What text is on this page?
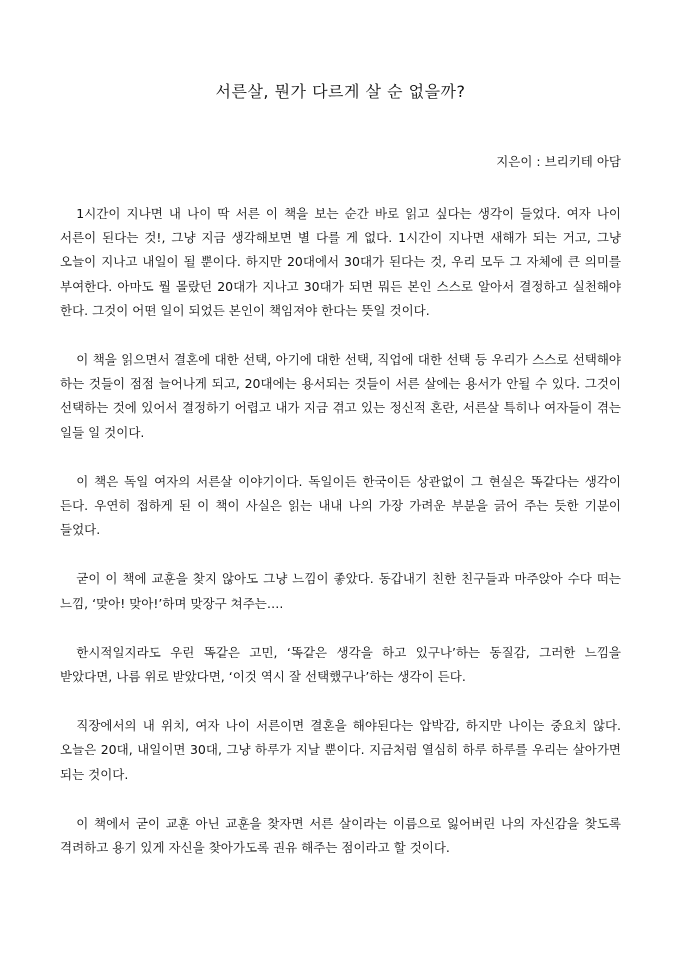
서른살, 뭔가 다르게 살 순 없을까?
지은이 : 브리키테 아담

1시간이 지나면 내 나이 딱 서른 이 책을 보는 순간 바로 읽고 싶다는 생각이 들었다. 여자 나이 서른이 된다는 것!, 그냥 지금 생각해보면 별 다를 게 없다. 1시간이 지나면 새해가 되는 거고, 그냥 오늘이 지나고 내일이 될 뿐이다. 하지만 20대에서 30대가 된다는 것, 우리 모두 그 자체에 큰 의미를 부여한다. 아마도 뭘 몰랐던 20대가 지나고 30대가 되면 뭐든 본인 스스로 알아서 결정하고 실천해야 한다. 그것이 어떤 일이 되었든 본인이 책임져야 한다는 뜻일 것이다.

이 책을 읽으면서 결혼에 대한 선택, 아기에 대한 선택, 직업에 대한 선택 등 우리가 스스로 선택해야 하는 것들이 점점 늘어나게 되고, 20대에는 용서되는 것들이 서른 살에는 용서가 안될 수 있다. 그것이 선택하는 것에 있어서 결정하기 어렵고 내가 지금 겪고 있는 정신적 혼란, 서른살 특히나 여자들이 겪는 일들 일 것이다.

이 책은 독일 여자의 서른살 이야기이다. 독일이든 한국이든 상관없이 그 현실은 똑같다는 생각이 든다. 우연히 접하게 된 이 책이 사실은 읽는 내내 나의 가장 가려운 부분을 긁어 주는 듯한 기분이 들었다.

굳이 이 책에 교훈을 찾지 않아도 그냥 느낌이 좋았다. 동갑내기 친한 친구들과 마주앉아 수다 떠는 느낌, ‘맞아! 맞아!’하며 맞장구 쳐주는….

한시적일지라도 우린 똑같은 고민, ‘똑같은 생각을 하고 있구나’하는 동질감, 그러한 느낌을 받았다면, 나름 위로 받았다면, ‘이것 역시 잘 선택했구나’하는 생각이 든다.

직장에서의 내 위치, 여자 나이 서른이면 결혼을 해야된다는 압박감, 하지만 나이는 중요치 않다. 오늘은 20대, 내일이면 30대, 그냥 하루가 지날 뿐이다. 지금처럼 열심히 하루 하루를 우리는 살아가면 되는 것이다.

이 책에서 굳이 교훈 아닌 교훈을 찾자면 서른 살이라는 이름으로 잃어버린 나의 자신감을 찾도록 격려하고 용기 있게 자신을 찾아가도록 권유 해주는 점이라고 할 것이다.
